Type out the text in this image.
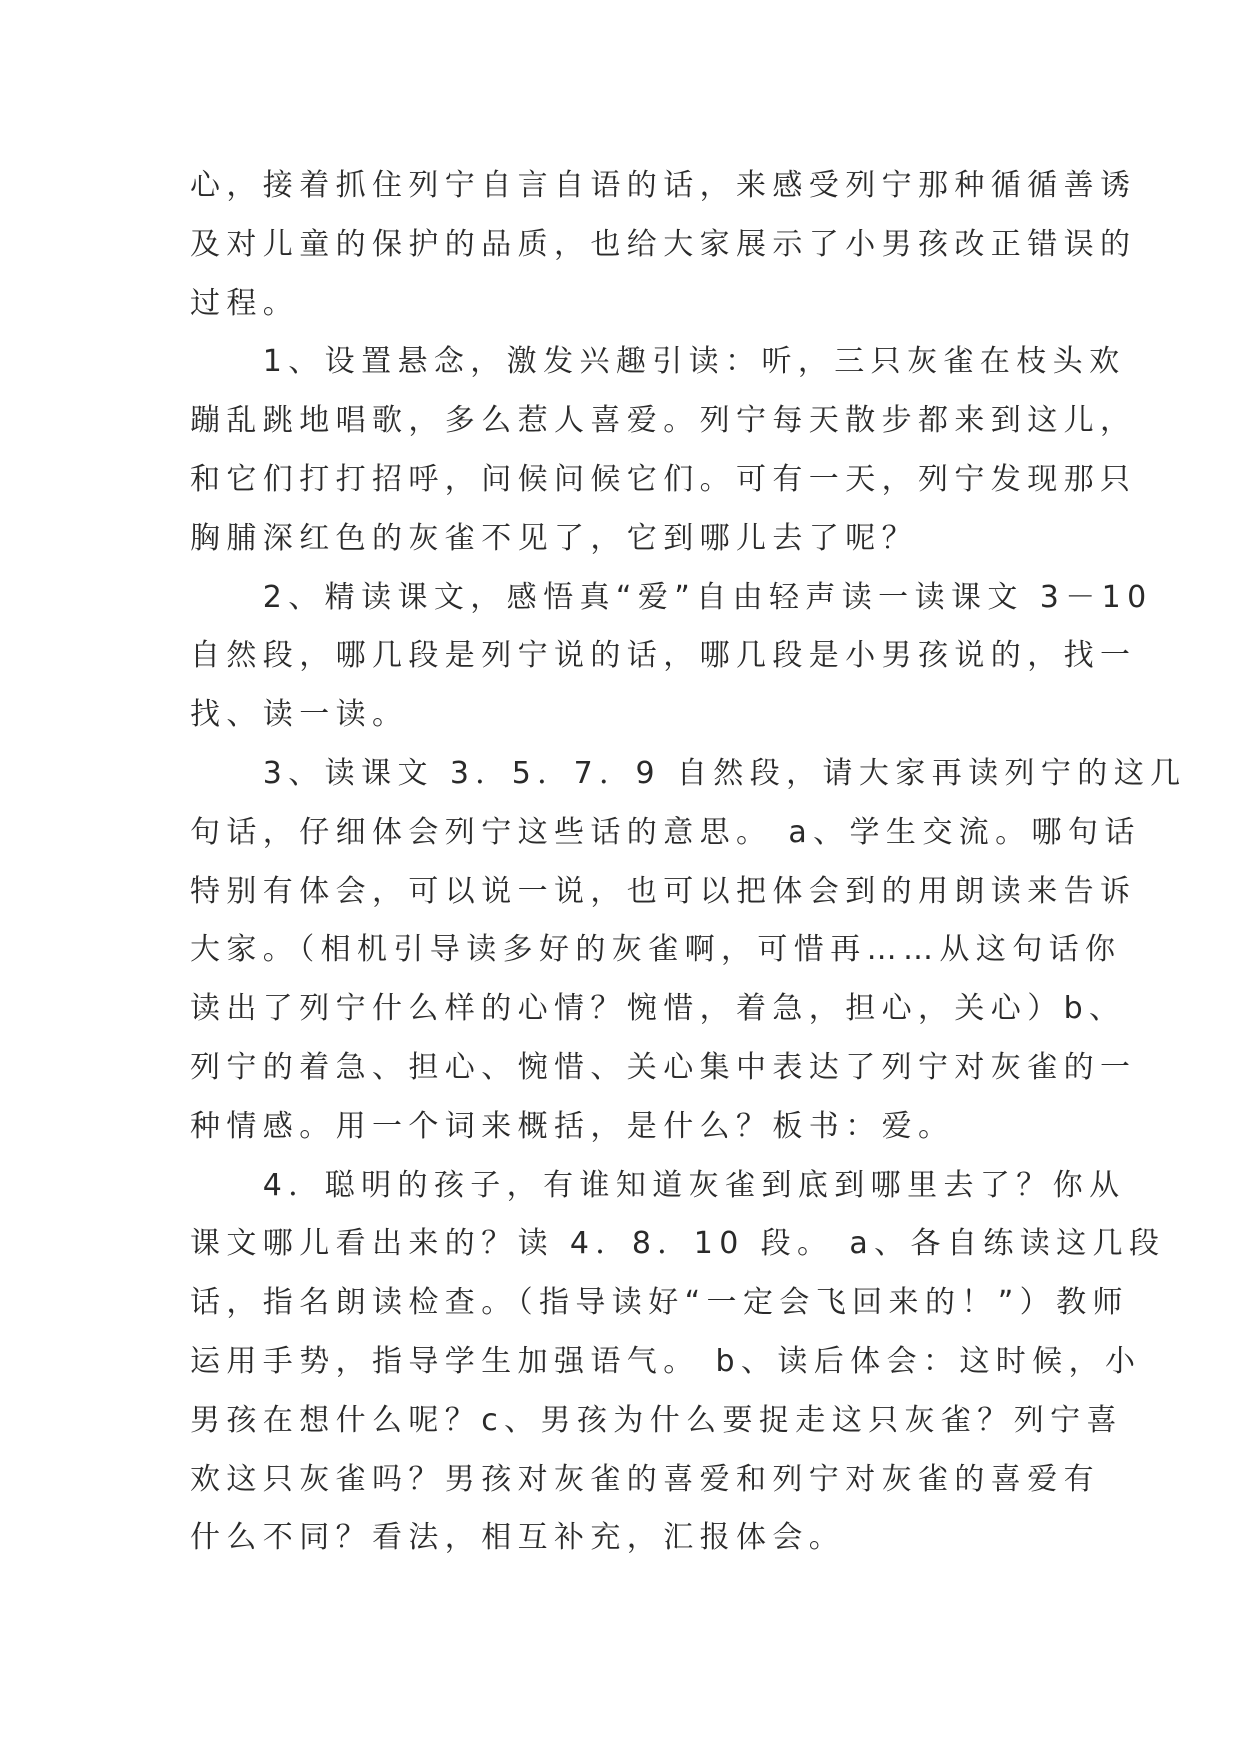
心，接着抓住列宁自言自语的话，来感受列宁那种循循善诱

及对儿童的保护的品质，也给大家展示了小男孩改正错误的

过程。

　　1、设置悬念，激发兴趣引读：听，三只灰雀在枝头欢

蹦乱跳地唱歌，多么惹人喜爱。列宁每天散步都来到这儿，

和它们打打招呼，问候问候它们。可有一天，列宁发现那只

胸脯深红色的灰雀不见了，它到哪儿去了呢？

　　2、精读课文，感悟真“爱”自由轻声读一读课文 3－10

自然段，哪几段是列宁说的话，哪几段是小男孩说的，找一

找、读一读。

　　3、读课文 3．5．7．9 自然段，请大家再读列宁的这几

句话，仔细体会列宁这些话的意思。 a、学生交流。哪句话

特别有体会，可以说一说，也可以把体会到的用朗读来告诉

大家。（相机引导读多好的灰雀啊，可惜再……从这句话你

读出了列宁什么样的心情？惋惜，着急，担心，关心）b、

列宁的着急、担心、惋惜、关心集中表达了列宁对灰雀的一

种情感。用一个词来概括，是什么？板书：爱。

　　4．聪明的孩子，有谁知道灰雀到底到哪里去了？你从

课文哪儿看出来的？读 4．8．10 段。 a、各自练读这几段

话，指名朗读检查。（指导读好“一定会飞回来的！”）教师

运用手势，指导学生加强语气。 b、读后体会：这时候，小

男孩在想什么呢？c、男孩为什么要捉走这只灰雀？列宁喜

欢这只灰雀吗？男孩对灰雀的喜爱和列宁对灰雀的喜爱有

什么不同？看法，相互补充，汇报体会。
